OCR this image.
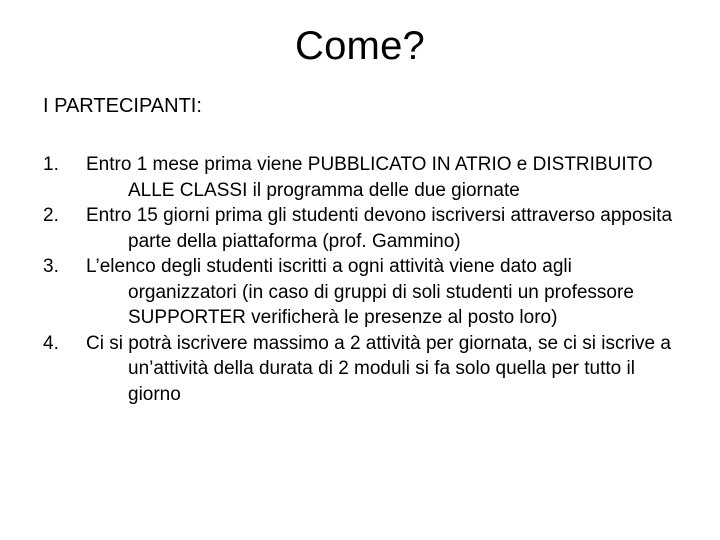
Come?
I PARTECIPANTI:
1.	Entro 1 mese prima viene PUBBLICATO IN ATRIO e DISTRIBUITO ALLE CLASSI il programma delle due giornate
2.	Entro 15 giorni prima gli studenti devono iscriversi attraverso apposita parte della piattaforma (prof. Gammino)
3.	L’elenco degli studenti iscritti a ogni attività viene dato agli organizzatori (in caso di gruppi di soli studenti un professore SUPPORTER verificherà le presenze al posto loro)
4.	Ci si potrà iscrivere massimo a 2 attività per giornata, se ci si iscrive a un’attività della durata di 2 moduli si fa solo quella per tutto il giorno
